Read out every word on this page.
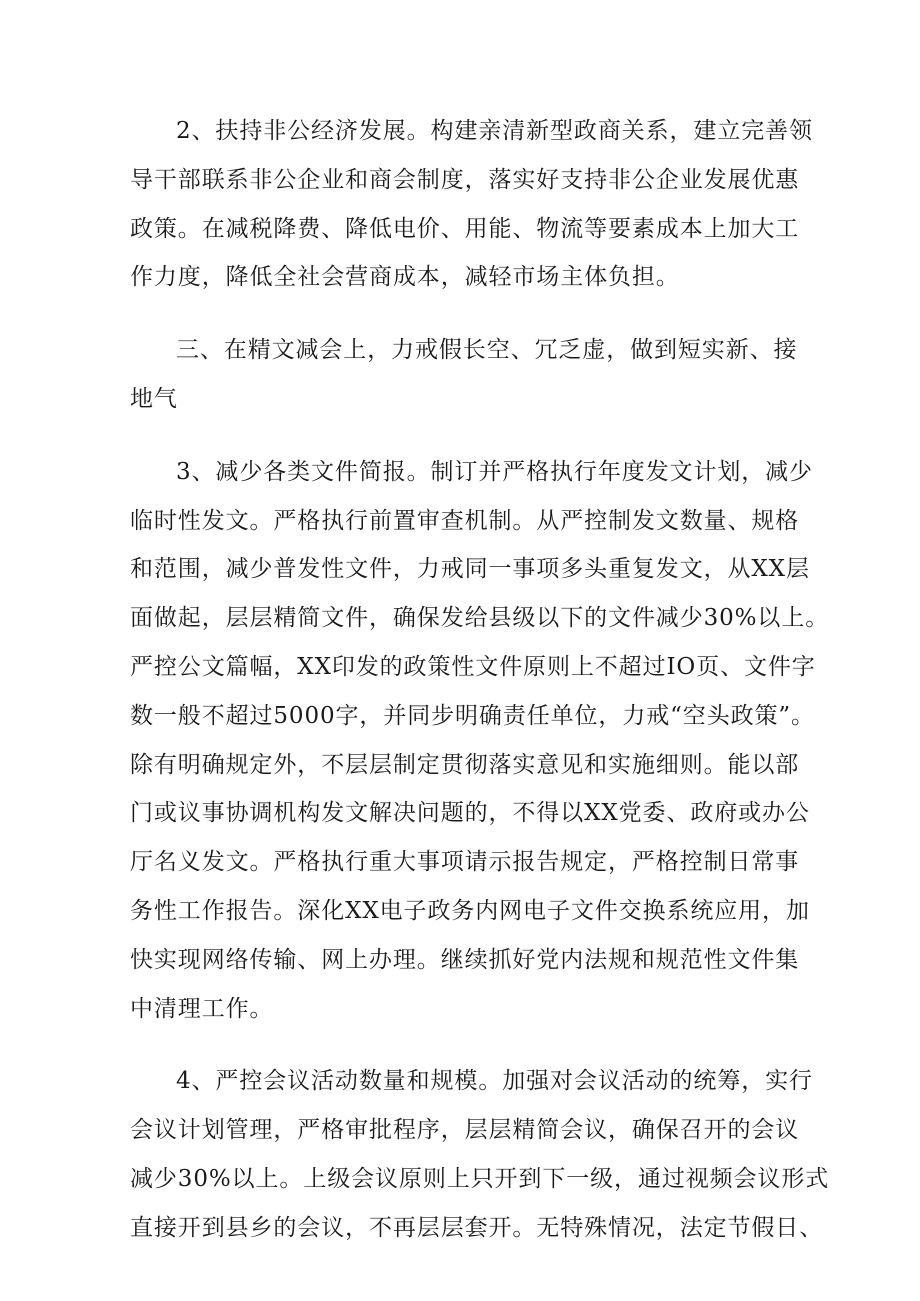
2、扶持非公经济发展。构建亲清新型政商关系，建立完善领
导干部联系非公企业和商会制度，落实好支持非公企业发展优惠
政策。在减税降费、降低电价、用能、物流等要素成本上加大工
作力度，降低全社会营商成本，减轻市场主体负担。
三、在精文减会上，力戒假长空、冗乏虚，做到短实新、接
地气
3、减少各类文件简报。制订并严格执行年度发文计划，减少
临时性发文。严格执行前置审查机制。从严控制发文数量、规格
和范围，减少普发性文件，力戒同一事项多头重复发文，从XX层
面做起，层层精简文件，确保发给县级以下的文件减少30%以上。
严控公文篇幅，XX印发的政策性文件原则上不超过IO页、文件字
数一般不超过5000字，并同步明确责任单位，力戒“空头政策”。
除有明确规定外，不层层制定贯彻落实意见和实施细则。能以部
门或议事协调机构发文解决问题的，不得以XX党委、政府或办公
厅名义发文。严格执行重大事项请示报告规定，严格控制日常事
务性工作报告。深化XX电子政务内网电子文件交换系统应用，加
快实现网络传输、网上办理。继续抓好党内法规和规范性文件集
中清理工作。
4、严控会议活动数量和规模。加强对会议活动的统筹，实行
会议计划管理，严格审批程序，层层精简会议，确保召开的会议
减少30%以上。上级会议原则上只开到下一级，通过视频会议形式
直接开到县乡的会议，不再层层套开。无特殊情况，法定节假日、
